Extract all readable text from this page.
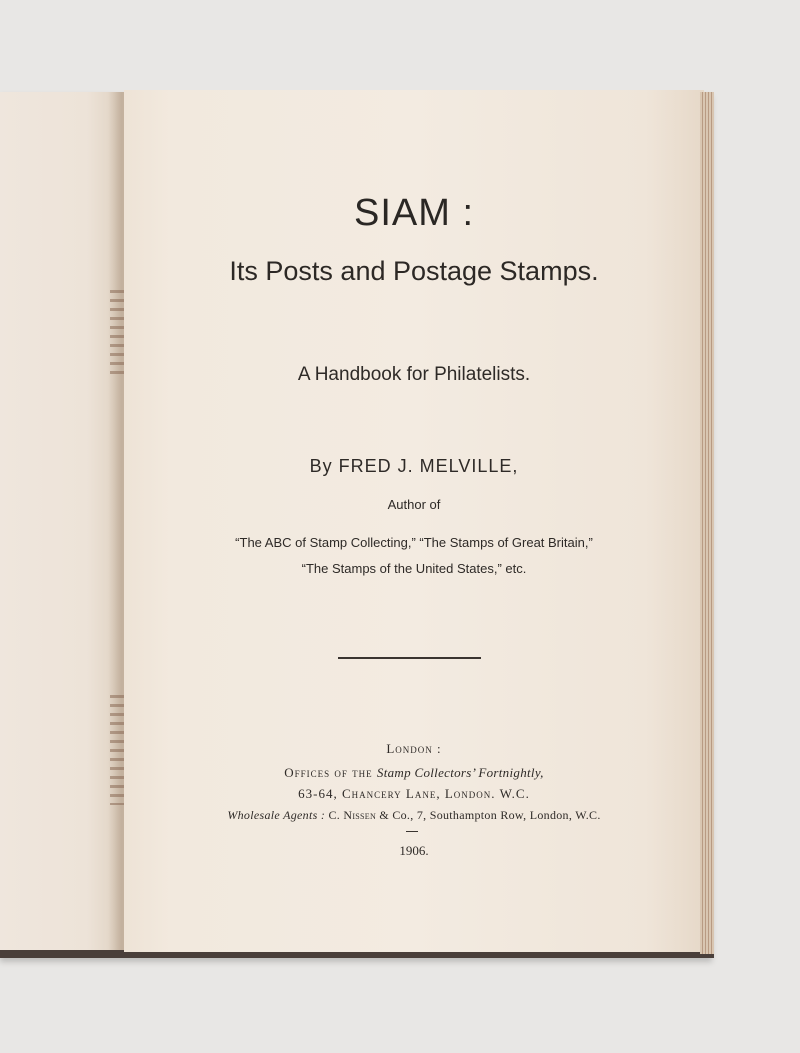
SIAM :
Its Posts and Postage Stamps.
A Handbook for Philatelists.
By FRED J. MELVILLE,
Author of
“The ABC of Stamp Collecting,” “The Stamps of Great Britain,”
“The Stamps of the United States,” etc.
London :
Offices of the Stamp Collectors’ Fortnightly,
63-64, Chancery Lane, London. W.C.
Wholesale Agents : C. Nissen & Co., 7, Southampton Row, London, W.C.
1906.
